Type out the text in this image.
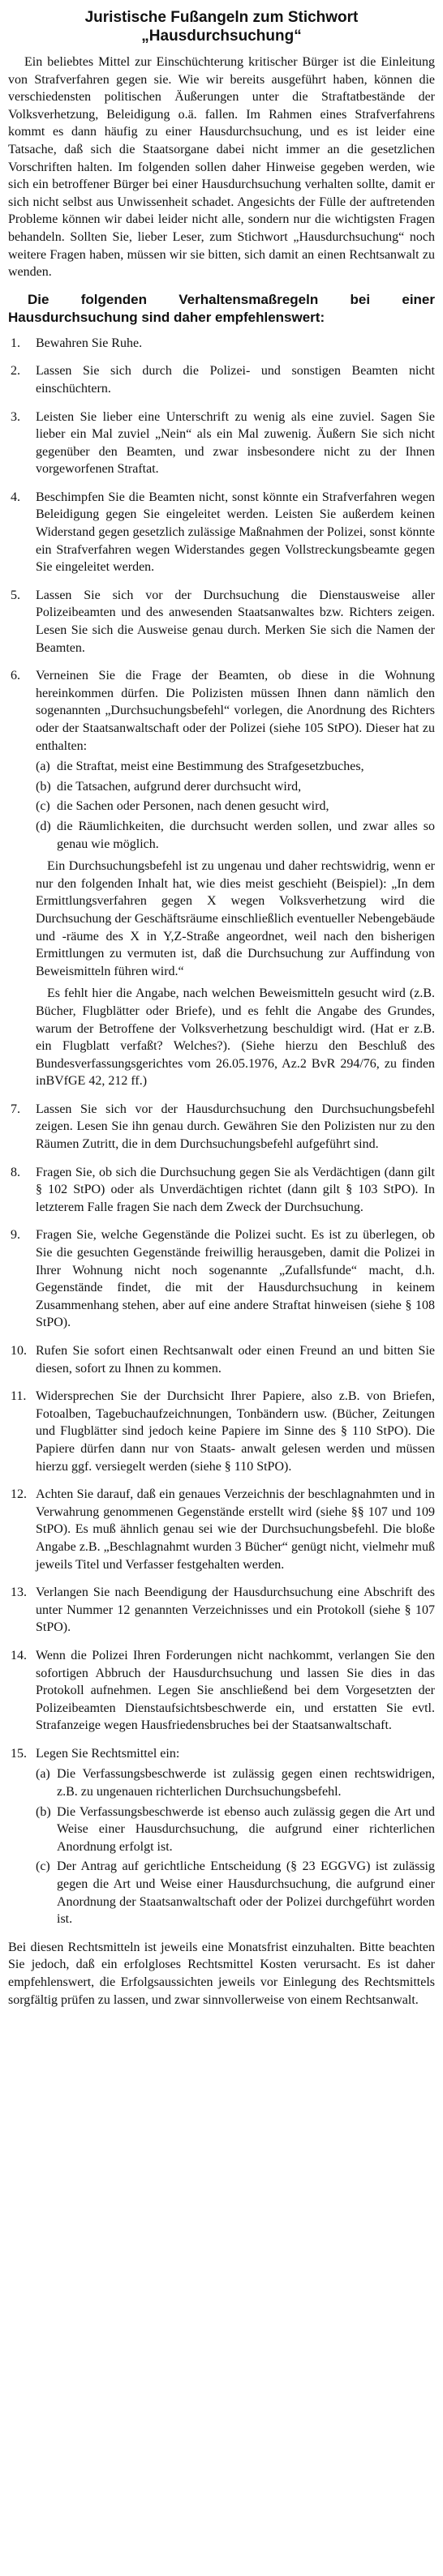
Juristische Fußangeln zum Stichwort
„Hausdurchsuchung“

Ein beliebtes Mittel zur Einschüchterung kritischer Bürger ist die Einleitung von Strafverfahren gegen sie. Wie wir bereits ausgeführt haben, können die verschiedensten politischen Äußerungen unter die Straftatbestände der Volksverhetzung, Beleidigung o.ä. fallen. Im Rahmen eines Strafverfahrens kommt es dann häufig zu einer Hausdurchsuchung, und es ist leider eine Tatsache, daß sich die Staatsorgane dabei nicht immer an die gesetzlichen Vorschriften halten. Im folgenden sollen daher Hinweise gegeben werden, wie sich ein betroffener Bürger bei einer Hausdurchsuchung verhalten sollte, damit er sich nicht selbst aus Unwissenheit schadet. Angesichts der Fülle der auftretenden Probleme können wir dabei leider nicht alle, sondern nur die wichtigsten Fragen behandeln. Sollten Sie, lieber Leser, zum Stichwort „Hausdurchsuchung“ noch weitere Fragen haben, müssen wir sie bitten, sich damit an einen Rechtsanwalt zu wenden.

Die folgenden Verhaltensmaßregeln bei einer Hausdurchsuchung sind daher empfehlenswert:
1. Bewahren Sie Ruhe.
2. Lassen Sie sich durch die Polizei- und sonstigen Beamten nicht einschüchtern.
3. Leisten Sie lieber eine Unterschrift zu wenig als eine zuviel. Sagen Sie lieber ein Mal zuviel „Nein“ als ein Mal zuwenig. Äußern Sie sich nicht gegenüber den Beamten, und zwar insbesondere nicht zu der Ihnen vorgeworfenen Straftat.
4. Beschimpfen Sie die Beamten nicht, sonst könnte ein Strafverfahren wegen Beleidigung gegen Sie eingeleitet werden. Leisten Sie außerdem keinen Widerstand gegen gesetzlich zulässige Maßnahmen der Polizei, sonst könnte ein Strafverfahren wegen Widerstandes gegen Vollstreckungsbeamte gegen Sie eingeleitet werden.
5. Lassen Sie sich vor der Durchsuchung die Dienstausweise aller Polizeibeamten und des anwesenden Staatsanwaltes bzw. Richters zeigen. Lesen Sie sich die Ausweise genau durch. Merken Sie sich die Namen der Beamten.
6. Verneinen Sie die Frage der Beamten, ob diese in die Wohnung hereinkommen dürfen. Die Polizisten müssen Ihnen dann nämlich den sogenannten „Durchsuchungsbefehl“ vorlegen, die Anordnung des Richters oder der Staatsanwaltschaft oder der Polizei (siehe 105 StPO). Dieser hat zu enthalten:
(a) die Straftat, meist eine Bestimmung des Strafgesetzbuches,
(b) die Tatsachen, aufgrund derer durchsucht wird,
(c) die Sachen oder Personen, nach denen gesucht wird,
(d) die Räumlichkeiten, die durchsucht werden sollen, und zwar alles so genau wie möglich.

Ein Durchsuchungsbefehl ist zu ungenau und daher rechtswidrig, wenn er nur den folgenden Inhalt hat, wie dies meist geschieht (Beispiel): „In dem Ermittlungsverfahren gegen X wegen Volksverhetzung wird die Durchsuchung der Geschäftsräume einschließlich eventueller Nebengebäude und -räume des X in Y,Z-Straße angeordnet, weil nach den bisherigen Ermittlungen zu vermuten ist, daß die Durchsuchung zur Auffindung von Beweismitteln führen wird.“

Es fehlt hier die Angabe, nach welchen Beweismitteln gesucht wird (z.B. Bücher, Flugblätter oder Briefe), und es fehlt die Angabe des Grundes, warum der Betroffene der Volksverhetzung beschuldigt wird. (Hat er z.B. ein Flugblatt verfaßt? Welches?). (Siehe hierzu den Beschluß des Bundesverfassungsgerichtes vom 26.05.1976, Az.2 BvR 294/76, zu finden inBVfGE 42, 212 ff.)

7. Lassen Sie sich vor der Hausdurchsuchung den Durchsuchungsbefehl zeigen. Lesen Sie ihn genau durch. Gewähren Sie den Polizisten nur zu den Räumen Zutritt, die in dem Durchsuchungsbefehl aufgeführt sind.
8. Fragen Sie, ob sich die Durchsuchung gegen Sie als Verdächtigen (dann gilt § 102 StPO) oder als Unverdächtigen richtet (dann gilt § 103 StPO). In letzterem Falle fragen Sie nach dem Zweck der Durchsuchung.
9. Fragen Sie, welche Gegenstände die Polizei sucht. Es ist zu überlegen, ob Sie die gesuchten Gegenstände freiwillig herausgeben, damit die Polizei in Ihrer Wohnung nicht noch sogenannte „Zufallsfunde“ macht, d.h. Gegenstände findet, die mit der Hausdurchsuchung in keinem Zusammenhang stehen, aber auf eine andere Straftat hinweisen (siehe § 108 StPO).
10. Rufen Sie sofort einen Rechtsanwalt oder einen Freund an und bitten Sie diesen, sofort zu Ihnen zu kommen.
11. Widersprechen Sie der Durchsicht Ihrer Papiere, also z.B. von Briefen, Fotoalben, Tagebuchaufzeichnungen, Tonbändern usw. (Bücher, Zeitungen und Flugblätter sind jedoch keine Papiere im Sinne des § 110 StPO). Die Papiere dürfen dann nur von Staats- anwalt gelesen werden und müssen hierzu ggf. versiegelt werden (siehe § 110 StPO).
12. Achten Sie darauf, daß ein genaues Verzeichnis der beschlagnahmten und in Verwahrung genommenen Gegenstände erstellt wird (siehe §§ 107 und 109 StPO). Es muß ähnlich genau sei wie der Durchsuchungsbefehl. Die bloße Angabe z.B. „Beschlagnahmt wurden 3 Bücher“ genügt nicht, vielmehr muß jeweils Titel und Verfasser festgehalten werden.
13. Verlangen Sie nach Beendigung der Hausdurchsuchung eine Abschrift des unter Nummer 12 genannten Verzeichnisses und ein Protokoll (siehe § 107 StPO).
14. Wenn die Polizei Ihren Forderungen nicht nachkommt, verlangen Sie den sofortigen Abbruch der Hausdurchsuchung und lassen Sie dies in das Protokoll aufnehmen. Legen Sie anschließend bei dem Vorgesetzten der Polizeibeamten Dienstaufsichtsbeschwerde ein, und erstatten Sie evtl. Strafanzeige wegen Hausfriedensbruches bei der Staatsanwaltschaft.
15. Legen Sie Rechtsmittel ein:
(a) Die Verfassungsbeschwerde ist zulässig gegen einen rechtswidrigen, z.B. zu ungenauen richterlichen Durchsuchungsbefehl.
(b) Die Verfassungsbeschwerde ist ebenso auch zulässig gegen die Art und Weise einer Hausdurchsuchung, die aufgrund einer richterlichen Anordnung erfolgt ist.
(c) Der Antrag auf gerichtliche Entscheidung (§ 23 EGGVG) ist zulässig gegen die Art und Weise einer Hausdurchsuchung, die aufgrund einer Anordnung der Staatsanwaltschaft oder der Polizei durchgeführt worden ist.

Bei diesen Rechtsmitteln ist jeweils eine Monatsfrist einzuhalten. Bitte beachten Sie jedoch, daß ein erfolgloses Rechtsmittel Kosten verursacht. Es ist daher empfehlenswert, die Erfolgsaussichten jeweils vor Einlegung des Rechtsmittels sorgfältig prüfen zu lassen, und zwar sinnvollerweise von einem Rechtsanwalt.
